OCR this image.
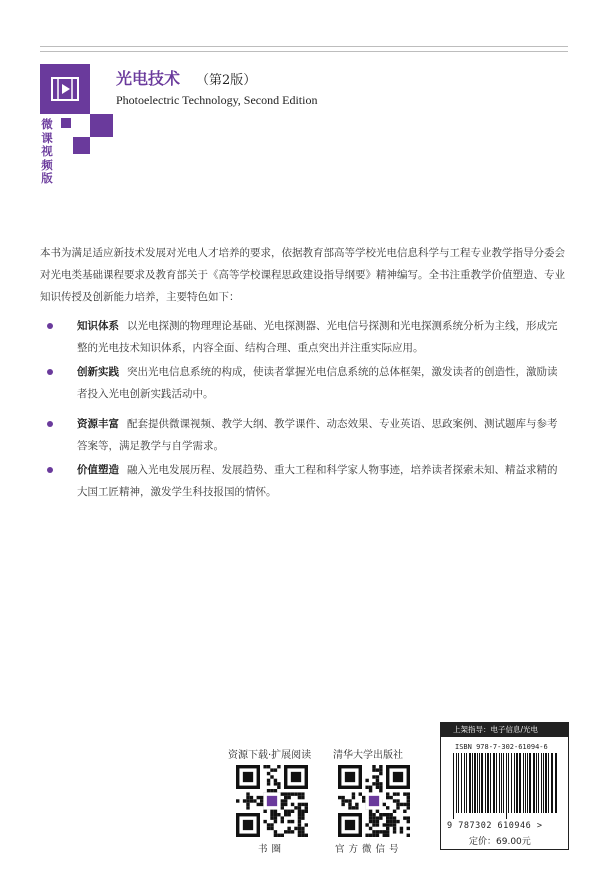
微课视频版
光电技术 （第2版）
Photoelectric Technology, Second Edition
本书为满足适应新技术发展对光电人才培养的要求，依据教育部高等学校光电信息科学与工程专业教学指导分委会对光电类基础课程要求及教育部关于《高等学校课程思政建设指导纲要》精神编写。全书注重教学价值塑造、专业知识传授及创新能力培养，主要特色如下：
知识体系 以光电探测的物理理论基础、光电探测器、光电信号探测和光电探测系统分析为主线，形成完整的光电技术知识体系，内容全面、结构合理、重点突出并注重实际应用。
创新实践 突出光电信息系统的构成，使读者掌握光电信息系统的总体框架，激发读者的创造性，激励读者投入光电创新实践活动中。
资源丰富 配套提供微课视频、教学大纲、教学课件、动态效果、专业英语、思政案例、测试题库与参考答案等，满足教学与自学需求。
价值塑造 融入光电发展历程、发展趋势、重大工程和科学家人物事迹，培养读者探索未知、精益求精的大国工匠精神，激发学生科技报国的情怀。
资源下载·扩展阅读
书圈
清华大学出版社
官方微信号
上架指导：电子信息/光电
ISBN 978-7-302-61094-6
9 787302 610946 >
定价：69.00元
